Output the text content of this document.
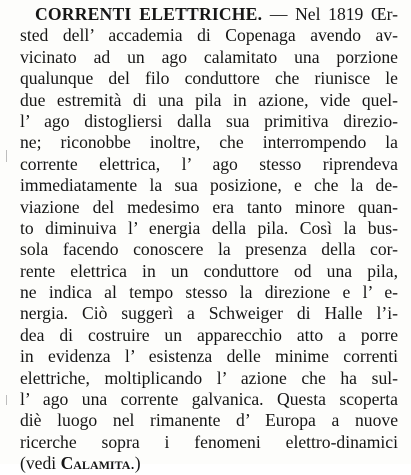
CORRENTI ELETTRICHE. — Nel 1819 Œr-
sted dell’ accademia di Copenaga avendo av-
vicinato ad un ago calamitato una porzione
qualunque del filo conduttore che riunisce le
due estremità di una pila in azione, vide quel-
l’ ago distogliersi dalla sua primitiva direzio-
ne; riconobbe inoltre, che interrompendo la
corrente elettrica, l’ ago stesso riprendeva
immediatamente la sua posizione, e che la de-
viazione del medesimo era tanto minore quan-
to diminuiva l’ energia della pila. Così la bus-
sola facendo conoscere la presenza della cor-
rente elettrica in un conduttore od una pila,
ne indica al tempo stesso la direzione e l’ e-
nergia. Ciò suggerì a Schweiger di Halle l’i-
dea di costruire un apparecchio atto a porre
in evidenza l’ esistenza delle minime correnti
elettriche, moltiplicando l’ azione che ha sul-
l’ ago una corrente galvanica. Questa scoperta
diè luogo nel rimanente d’ Europa a nuove
ricerche sopra i fenomeni elettro-dinamici
(vedi Calamita.)
